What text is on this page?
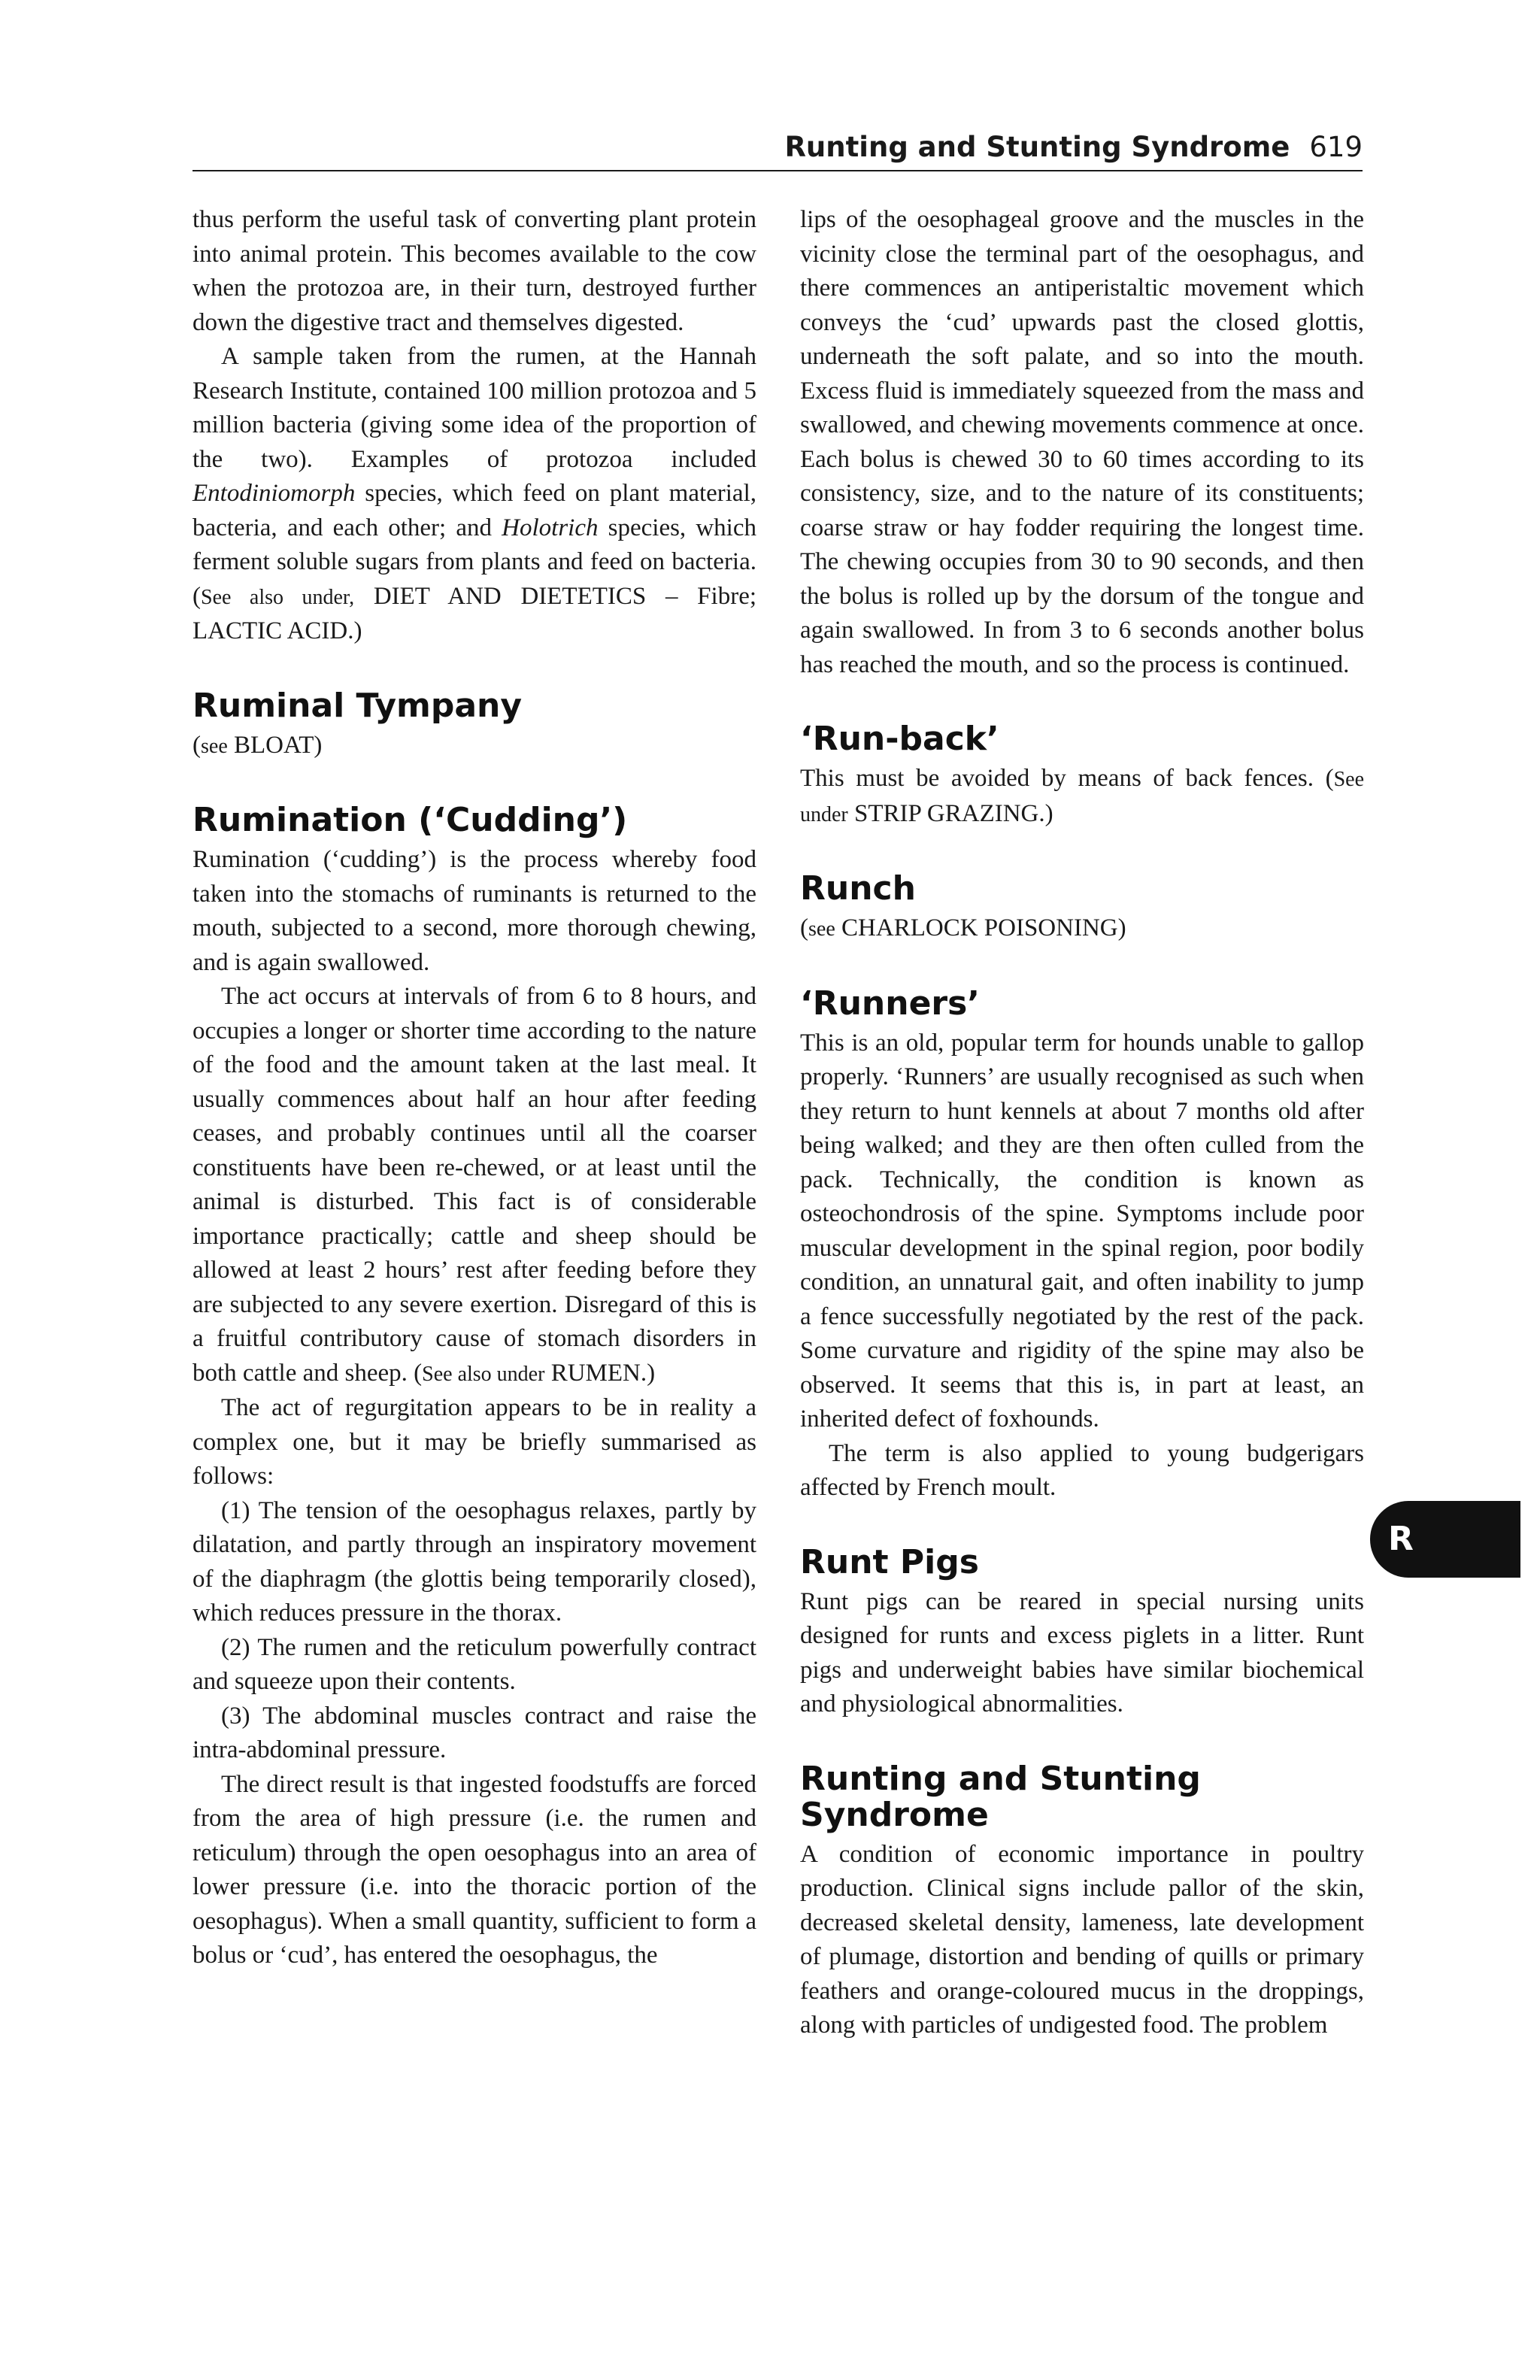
Runting and Stunting Syndrome 619

thus perform the useful task of converting plant protein into animal protein. This becomes available to the cow when the protozoa are, in their turn, destroyed further down the digestive tract and themselves digested.

A sample taken from the rumen, at the Hannah Research Institute, contained 100 million protozoa and 5 million bacteria (giving some idea of the proportion of the two). Examples of protozoa included Entodiniomorph species, which feed on plant material, bacteria, and each other; and Holotrich species, which ferment soluble sugars from plants and feed on bacteria. (See also under, DIET AND DIETETICS – Fibre; LACTIC ACID.)

Ruminal Tympany

(see BLOAT)

Rumination (‘Cudding’)

Rumination (‘cudding’) is the process whereby food taken into the stomachs of ruminants is returned to the mouth, subjected to a second, more thorough chewing, and is again swallowed.

The act occurs at intervals of from 6 to 8 hours, and occupies a longer or shorter time according to the nature of the food and the amount taken at the last meal. It usually commences about half an hour after feeding ceases, and probably continues until all the coarser constituents have been re-chewed, or at least until the animal is disturbed. This fact is of considerable importance practically; cattle and sheep should be allowed at least 2 hours’ rest after feeding before they are subjected to any severe exertion. Disregard of this is a fruitful contributory cause of stomach disorders in both cattle and sheep. (See also under RUMEN.)

The act of regurgitation appears to be in reality a complex one, but it may be briefly summarised as follows:

(1) The tension of the oesophagus relaxes, partly by dilatation, and partly through an inspiratory movement of the diaphragm (the glottis being temporarily closed), which reduces pressure in the thorax.

(2) The rumen and the reticulum powerfully contract and squeeze upon their contents.

(3) The abdominal muscles contract and raise the intra-abdominal pressure.

The direct result is that ingested foodstuffs are forced from the area of high pressure (i.e. the rumen and reticulum) through the open oesophagus into an area of lower pressure (i.e. into the thoracic portion of the oesophagus). When a small quantity, sufficient to form a bolus or ‘cud’, has entered the oesophagus, the

lips of the oesophageal groove and the muscles in the vicinity close the terminal part of the oesophagus, and there commences an antiperistaltic movement which conveys the ‘cud’ upwards past the closed glottis, underneath the soft palate, and so into the mouth. Excess fluid is immediately squeezed from the mass and swallowed, and chewing movements commence at once. Each bolus is chewed 30 to 60 times according to its consistency, size, and to the nature of its constituents; coarse straw or hay fodder requiring the longest time. The chewing occupies from 30 to 90 seconds, and then the bolus is rolled up by the dorsum of the tongue and again swallowed. In from 3 to 6 seconds another bolus has reached the mouth, and so the process is continued.

‘Run-back’

This must be avoided by means of back fences. (See under STRIP GRAZING.)

Runch

(see CHARLOCK POISONING)

‘Runners’

This is an old, popular term for hounds unable to gallop properly. ‘Runners’ are usually recognised as such when they return to hunt kennels at about 7 months old after being walked; and they are then often culled from the pack. Technically, the condition is known as osteochondrosis of the spine. Symptoms include poor muscular development in the spinal region, poor bodily condition, an unnatural gait, and often inability to jump a fence successfully negotiated by the rest of the pack. Some curvature and rigidity of the spine may also be observed. It seems that this is, in part at least, an inherited defect of foxhounds.

The term is also applied to young budgerigars affected by French moult.

Runt Pigs

Runt pigs can be reared in special nursing units designed for runts and excess piglets in a litter. Runt pigs and underweight babies have similar biochemical and physiological abnormalities.

Runting and Stunting Syndrome

A condition of economic importance in poultry production. Clinical signs include pallor of the skin, decreased skeletal density, lameness, late development of plumage, distortion and bending of quills or primary feathers and orange-coloured mucus in the droppings, along with particles of undigested food. The problem

R
